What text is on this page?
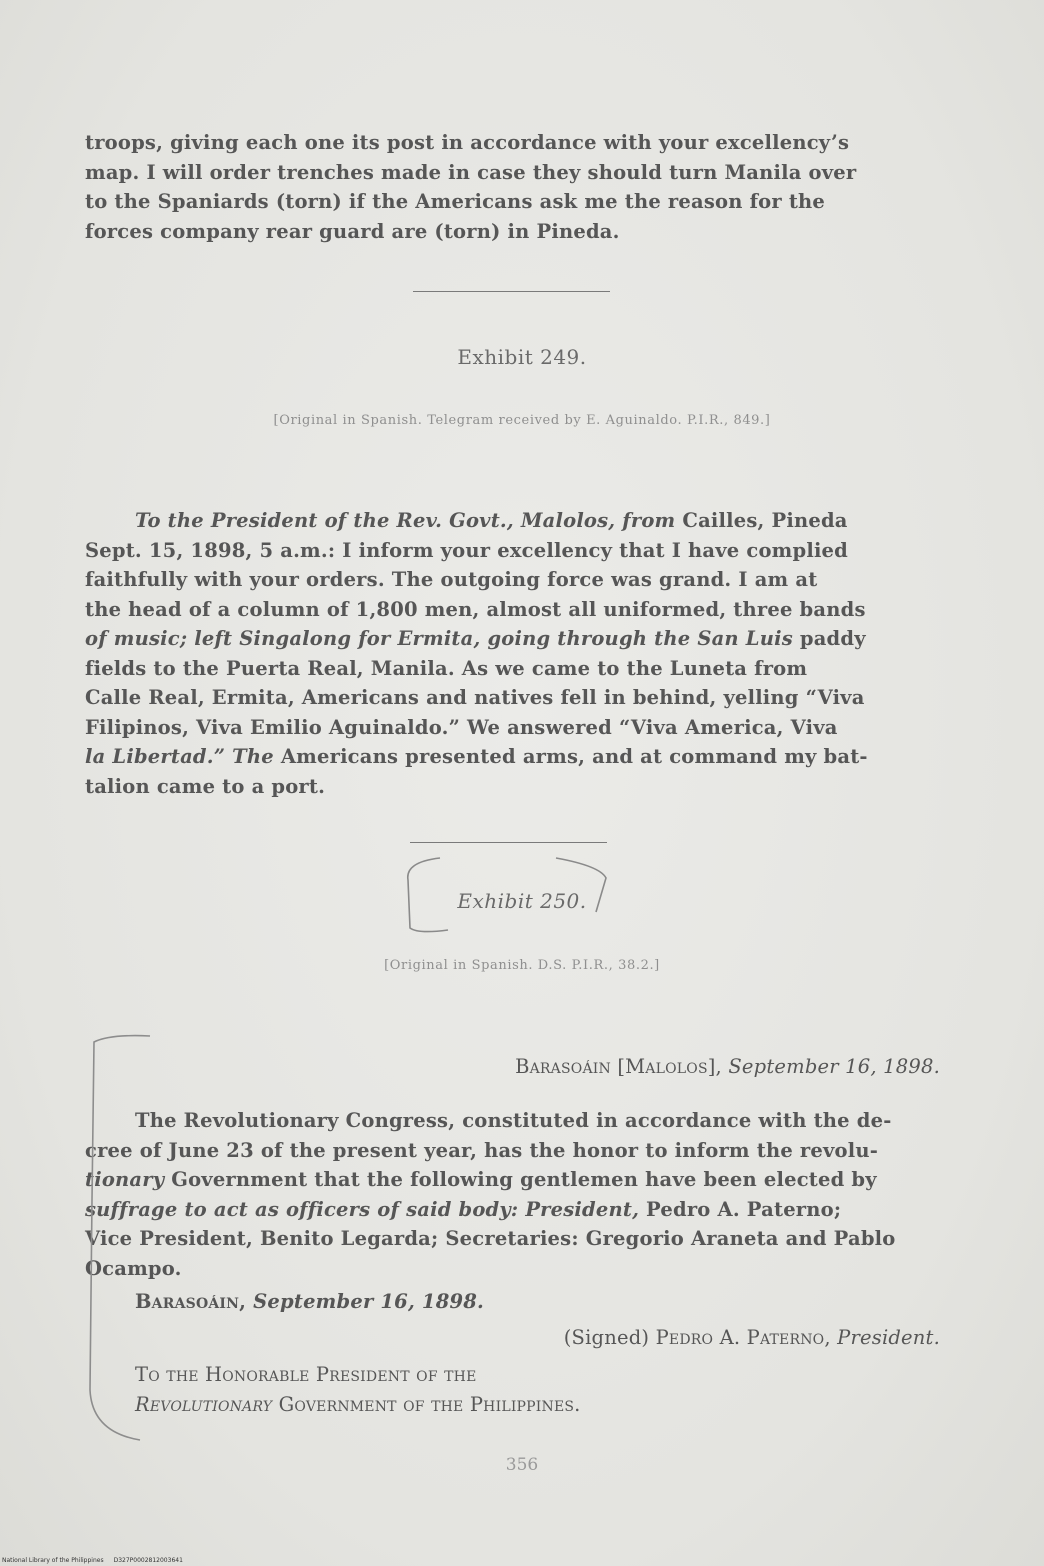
troops, giving each one its post in accordance with your excellency’s

map. I will order trenches made in case they should turn Manila over

to the Spaniards (torn) if the Americans ask me the reason for the

forces company rear guard are (torn) in Pineda.

Exhibit 249.
[Original in Spanish. Telegram received by E. Aguinaldo. P.I.R., 849.]

To the President of the Rev. Govt., Malolos, from Cailles, Pineda

Sept. 15, 1898, 5 a.m.: I inform your excellency that I have complied

faithfully with your orders. The outgoing force was grand. I am at

the head of a column of 1,800 men, almost all uniformed, three bands

of music; left Singalong for Ermita, going through the San Luis paddy

fields to the Puerta Real, Manila. As we came to the Luneta from

Calle Real, Ermita, Americans and natives fell in behind, yelling “Viva

Filipinos, Viva Emilio Aguinaldo.” We answered “Viva America, Viva

la Libertad.” The Americans presented arms, and at command my bat-

talion came to a port.

Exhibit 250.
[Original in Spanish. D.S. P.I.R., 38.2.]
Barasoáin [Malolos], September 16, 1898.

The Revolutionary Congress, constituted in accordance with the de-

cree of June 23 of the present year, has the honor to inform the revolu-

tionary Government that the following gentlemen have been elected by

suffrage to act as officers of said body: President, Pedro A. Paterno;

Vice President, Benito Legarda; Secretaries: Gregorio Araneta and Pablo

Ocampo.

Barasoáin, September 16, 1898.
(Signed) Pedro A. Paterno, President.

To the Honorable President of the

Revolutionary Government of the Philippines.

356
National Library of the Philippines D327P0002812003641
